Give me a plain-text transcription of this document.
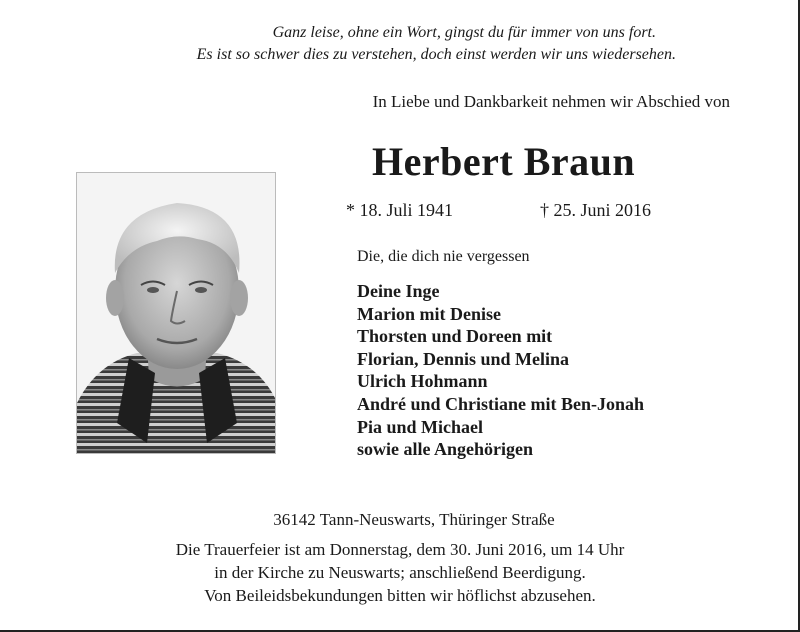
Ganz leise, ohne ein Wort, gingst du für immer von uns fort.
Es ist so schwer dies zu verstehen, doch einst werden wir uns wiedersehen.
In Liebe und Dankbarkeit nehmen wir Abschied von
Herbert Braun
* 18. Juli 1941	† 25. Juni 2016
Die, die dich nie vergessen
Deine Inge
Marion mit Denise
Thorsten und Doreen mit
Florian, Dennis und Melina
Ulrich Hohmann
André und Christiane mit Ben-Jonah
Pia und Michael
sowie alle Angehörigen
36142 Tann-Neuswarts, Thüringer Straße
Die Trauerfeier ist am Donnerstag, dem 30. Juni 2016, um 14 Uhr
in der Kirche zu Neuswarts; anschließend Beerdigung.
Von Beileidsbekundungen bitten wir höflichst abzusehen.
